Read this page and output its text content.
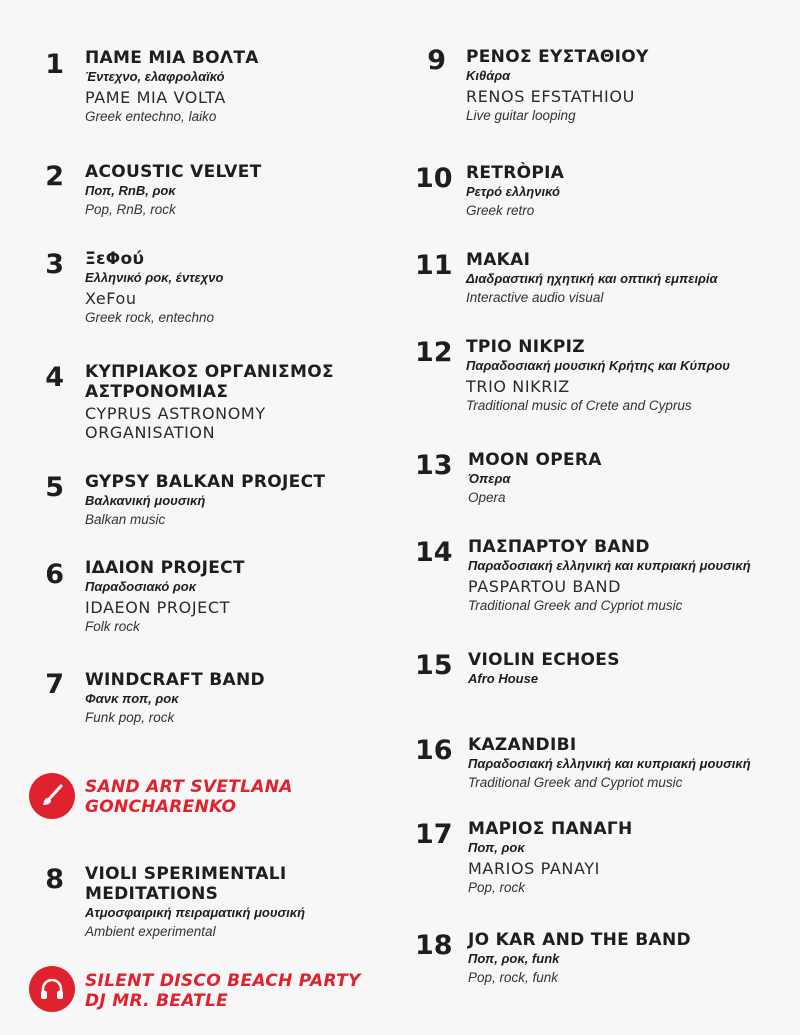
1 ΠΑΜΕ ΜΙΑ ΒΟΛΤΑ
Έντεχνο, ελαφρολαϊκό
PAME MIA VOLTA
Greek entechno, laiko
2 ACOUSTIC VELVET
Ποπ, RnB, ροκ
Pop, RnB, rock
3 ΞεΦού
Ελληνικό ροκ, έντεχνο
XeFou
Greek rock, entechno
4 ΚΥΠΡΙΑΚΟΣ ΟΡΓΑΝΙΣΜΟΣ
ΑΣΤΡΟΝΟΜΙΑΣ
CYPRUS ASTRONOMY
ORGANISATION
5 GYPSY BALKAN PROJECT
Βαλκανική μουσική
Balkan music
6 ΙΔΑΙΟΝ PROJECT
Παραδοσιακό ροκ
IDAEON PROJECT
Folk rock
7 WINDCRAFT BAND
Φανκ ποπ, ροκ
Funk pop, rock
SAND ART SVETLANA
GONCHARENKO
8 VIOLI SPERIMENTALI
MEDITATIONS
Ατμοσφαιρική πειραματική μουσική
Ambient experimental
SILENT DISCO BEACH PARTY
DJ MR. BEATLE
9 ΡΕΝΟΣ ΕΥΣΤΑΘΙΟΥ
Κιθάρα
RENOS EFSTATHIOU
Live guitar looping
10 RETRÒPIA
Ρετρό ελληνικό
Greek retro
11 ΜΑΚΑΙ
Διαδραστική ηχητική και οπτική εμπειρία
Interactive audio visual
12 ΤΡΙΟ ΝΙΚΡΙΖ
Παραδοσιακή μουσική Κρήτης και Κύπρου
TRIO NIKRIZ
Traditional music of Crete and Cyprus
13 MOON OPERA
Όπερα
Opera
14 ΠΑΣΠΑΡΤΟΥ BAND
Παραδοσιακή ελληνική και κυπριακή μουσική
PASPARTOU BAND
Traditional Greek and Cypriot music
15 VIOLIN ECHOES
Afro House
16 KAZANDIBI
Παραδοσιακή ελληνική και κυπριακή μουσική
Traditional Greek and Cypriot music
17 ΜΑΡΙΟΣ ΠΑΝΑΓΗ
Ποπ, ροκ
MARIOS PANAYI
Pop, rock
18 JO KAR AND THE BAND
Ποπ, ροκ, funk
Pop, rock, funk
